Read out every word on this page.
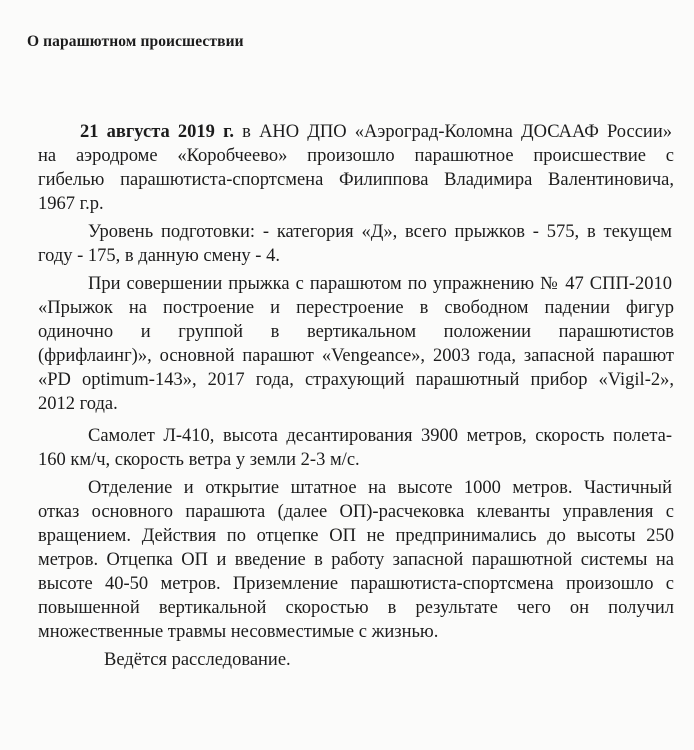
О парашютном происшествии
21 августа 2019 г. в АНО ДПО «Аэроград-Коломна ДОСААФ России»
на аэродроме «Коробчеево» произошло парашютное происшествие с
гибелью парашютиста-спортсмена Филиппова Владимира Валентиновича,
1967 г.р.
Уровень подготовки: - категория «Д», всего прыжков - 575, в текущем
году - 175, в данную смену - 4.
При совершении прыжка с парашютом по упражнению № 47 СПП-2010
«Прыжок на построение и перестроение в свободном падении фигур
одиночно и группой в вертикальном положении парашютистов
(фрифлаинг)», основной парашют «Vengeance», 2003 года, запасной парашют
«PD optimum-143», 2017 года, страхующий парашютный прибор «Vigil-2»,
2012 года.
Самолет Л-410, высота десантирования 3900 метров, скорость полета-
160 км/ч, скорость ветра у земли 2-3 м/с.
Отделение и открытие штатное на высоте 1000 метров. Частичный
отказ основного парашюта (далее ОП)-расчековка клеванты управления с
вращением. Действия по отцепке ОП не предпринимались до высоты 250
метров. Отцепка ОП и введение в работу запасной парашютной системы на
высоте 40-50 метров. Приземление парашютиста-спортсмена произошло с
повышенной вертикальной скоростью в результате чего он получил
множественные травмы несовместимые с жизнью.
Ведётся расследование.
